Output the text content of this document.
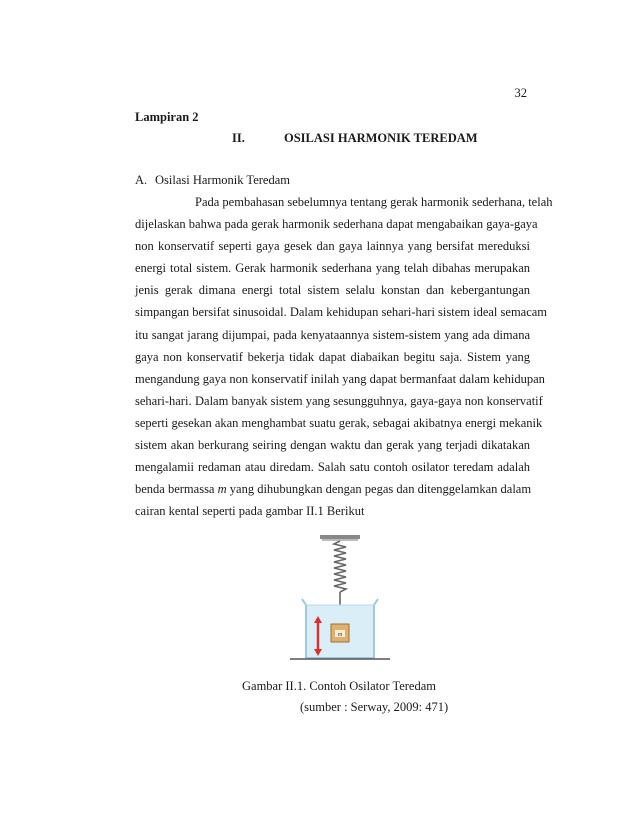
32
Lampiran 2
II.	OSILASI HARMONIK TEREDAM
A. Osilasi Harmonik Teredam
Pada pembahasan sebelumnya tentang gerak harmonik sederhana, telah
dijelaskan bahwa pada gerak harmonik sederhana dapat mengabaikan gaya-gaya
non konservatif seperti gaya gesek dan gaya lainnya yang bersifat mereduksi
energi total sistem. Gerak harmonik sederhana yang telah dibahas merupakan
jenis gerak dimana energi total sistem selalu konstan dan kebergantungan
simpangan bersifat sinusoidal. Dalam kehidupan sehari-hari sistem ideal semacam
itu sangat jarang dijumpai, pada kenyataannya sistem-sistem yang ada dimana
gaya non konservatif bekerja tidak dapat diabaikan begitu saja. Sistem yang
mengandung gaya non konservatif inilah yang dapat bermanfaat dalam kehidupan
sehari-hari. Dalam banyak sistem yang sesungguhnya, gaya-gaya non konservatif
seperti gesekan akan menghambat suatu gerak, sebagai akibatnya energi mekanik
sistem akan berkurang seiring dengan waktu dan gerak yang terjadi dikatakan
mengalamii redaman atau diredam. Salah satu contoh osilator teredam adalah
benda bermassa m yang dihubungkan dengan pegas dan ditenggelamkan dalam
cairan kental seperti pada gambar II.1 Berikut
m
Gambar II.1. Contoh Osilator Teredam
(sumber : Serway, 2009: 471)
